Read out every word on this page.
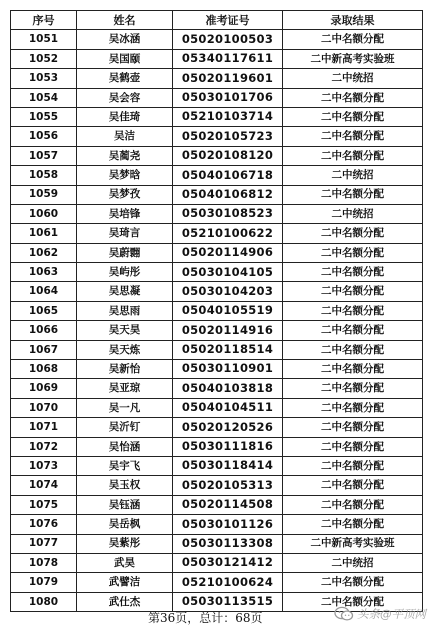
序号	姓名	准考证号	录取结果
1051	吴冰涵	05020100503	二中名额分配
1052	吴国颐	05340117611	二中新高考实验班
1053	吴鹤壶	05020119601	二中统招
1054	吴会容	05030101706	二中名额分配
1055	吴佳琦	05210103714	二中名额分配
1056	吴洁	05020105723	二中名额分配
1057	吴蔺尧	05020108120	二中名额分配
1058	吴梦晗	05040106718	二中统招
1059	吴梦孜	05040106812	二中名额分配
1060	吴培锋	05030108523	二中统招
1061	吴琦言	05210100622	二中名额分配
1062	吴蔚翾	05020114906	二中名额分配
1063	吴屿彤	05030104105	二中名额分配
1064	吴思凝	05030104203	二中名额分配
1065	吴思雨	05040105519	二中名额分配
1066	吴天昊	05020114916	二中名额分配
1067	吴天炼	05020118514	二中名额分配
1068	吴新怡	05030110901	二中名额分配
1069	吴亚琼	05040103818	二中名额分配
1070	吴一凡	05040104511	二中名额分配
1071	吴沂钉	05020120526	二中名额分配
1072	吴怡涵	05030111816	二中名额分配
1073	吴宇飞	05030118414	二中名额分配
1074	吴玉权	05020105313	二中名额分配
1075	吴钰涵	05020114508	二中名额分配
1076	吴岳枫	05030101126	二中名额分配
1077	吴紫彤	05030113308	二中新高考实验班
1078	武昊	05030121412	二中统招
1079	武譬洁	05210100624	二中名额分配
1080	武仕杰	05030113515	二中名额分配
第36页，总计：68页	头条@平顶网
